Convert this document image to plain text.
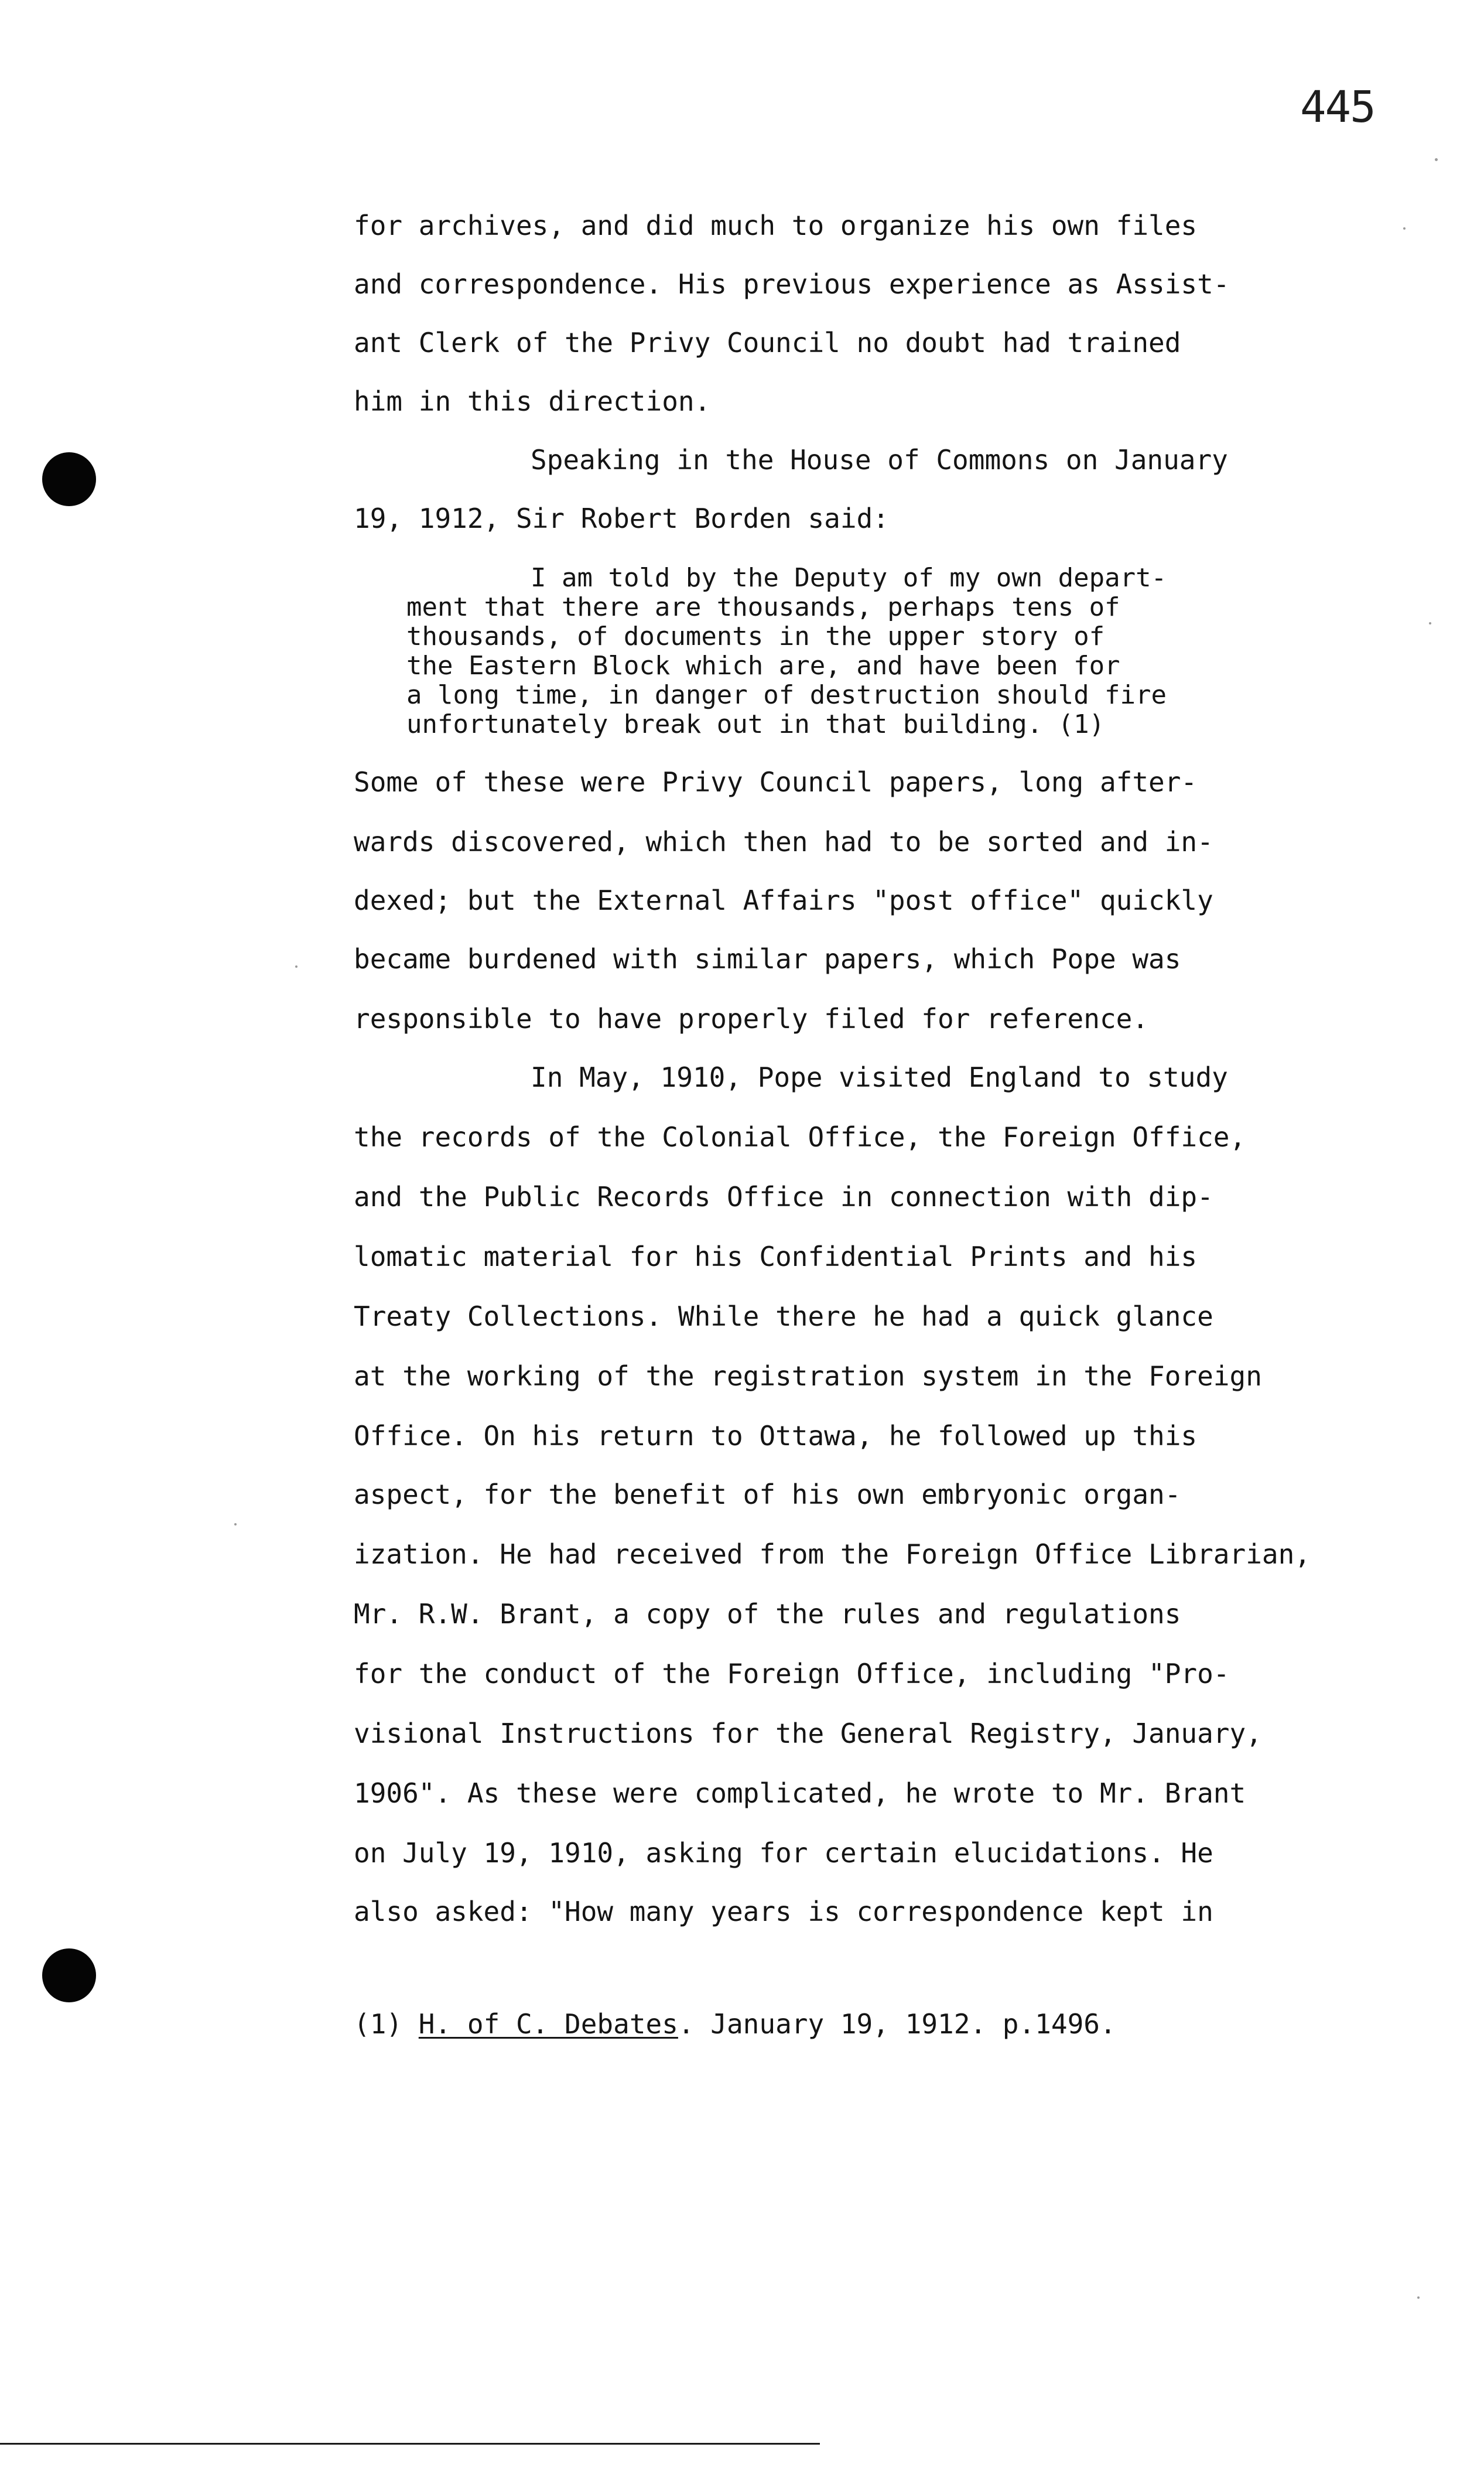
445
for archives, and did much to organize his own files
and correspondence. His previous experience as Assist-
ant Clerk of the Privy Council no doubt had trained
him in this direction.
Speaking in the House of Commons on January
19, 1912, Sir Robert Borden said:
I am told by the Deputy of my own depart-
ment that there are thousands, perhaps tens of
thousands, of documents in the upper story of
the Eastern Block which are, and have been for
a long time, in danger of destruction should fire
unfortunately break out in that building. (1)
Some of these were Privy Council papers, long after-
wards discovered, which then had to be sorted and in-
dexed; but the External Affairs "post office" quickly
became burdened with similar papers, which Pope was
responsible to have properly filed for reference.
In May, 1910, Pope visited England to study
the records of the Colonial Office, the Foreign Office,
and the Public Records Office in connection with dip-
lomatic material for his Confidential Prints and his
Treaty Collections. While there he had a quick glance
at the working of the registration system in the Foreign
Office. On his return to Ottawa, he followed up this
aspect, for the benefit of his own embryonic organ-
ization. He had received from the Foreign Office Librarian,
Mr. R.W. Brant, a copy of the rules and regulations
for the conduct of the Foreign Office, including "Pro-
visional Instructions for the General Registry, January,
1906". As these were complicated, he wrote to Mr. Brant
on July 19, 1910, asking for certain elucidations. He
also asked: "How many years is correspondence kept in
(1) H. of C. Debates. January 19, 1912. p.1496.
